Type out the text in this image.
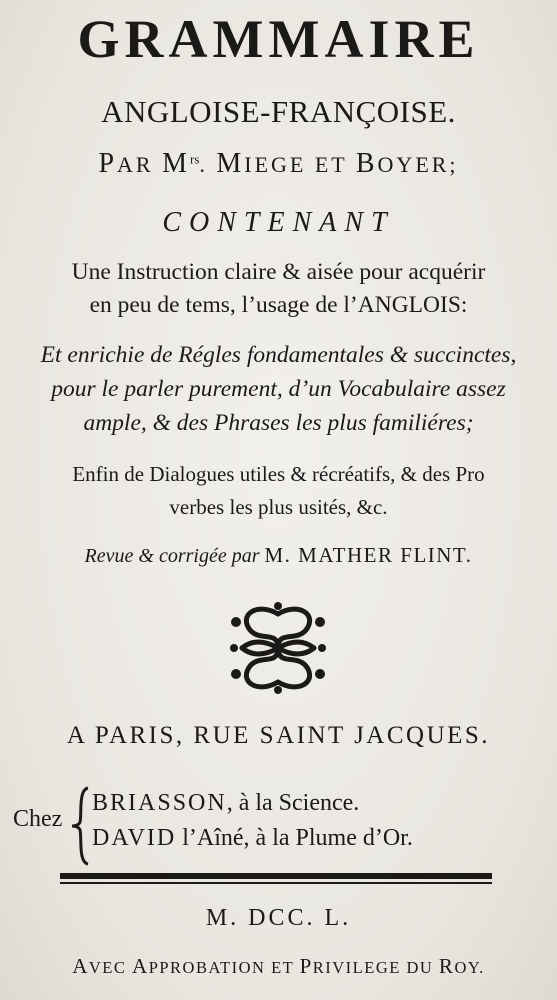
GRAMMAIRE
ANGLOISE-FRANÇOISE.
PAR $M^{rs}$. MIEGE ET BOYER;
CONTENANT
Une Instruction claire & aisée pour acquérir
en peu de tems, l’usage de l’ANGLOIS:
Et enrichie de Régles fondamentales & succinctes,
pour le parler purement, d’un Vocabulaire assez
ample, & des Phrases les plus familiéres;
Enfin de Dialogues utiles & récréatifs, & des Pro
verbes les plus usités, &c.
Revue & corrigée par M. MATHER FLINT.
A PARIS, RUE SAINT JACQUES.
Chez
BRIASSON, à la Science.
DAVID l’Aîné, à la Plume d’Or.
M. DCC. L.
AVEC APPROBATION ET PRIVILEGE DU ROY.
